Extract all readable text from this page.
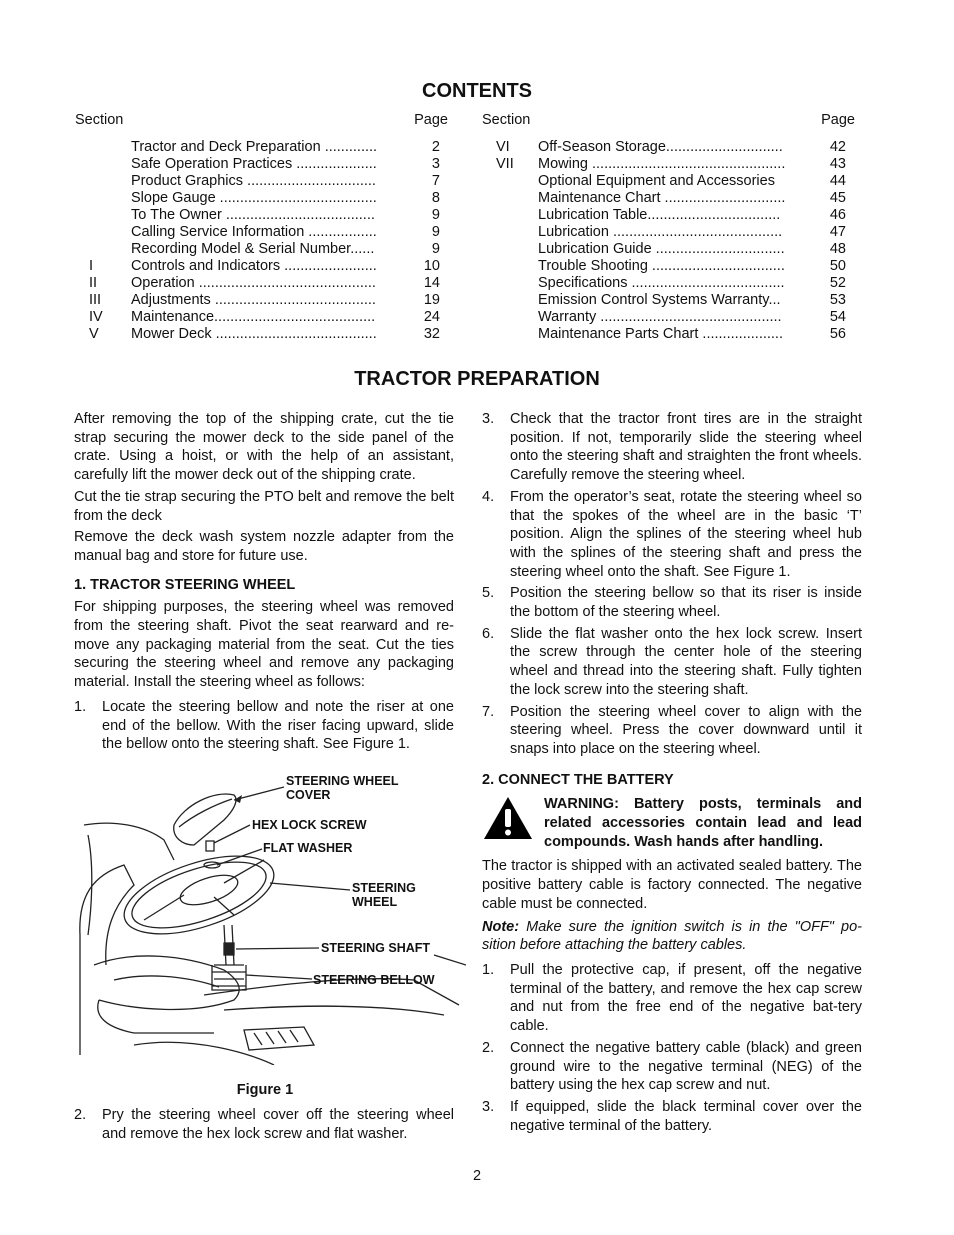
CONTENTS
Section	Page
Tractor and Deck Preparation .............	2
Safe Operation Practices ....................	3
Product Graphics ................................	7
Slope Gauge .......................................	8
To The Owner .....................................	9
Calling Service Information .................	9
Recording Model & Serial Number......	9
I	Controls and Indicators .......................	10
II	Operation ............................................	14
III	Adjustments ........................................	19
IV	Maintenance........................................	24
V	Mower Deck ........................................	32
Section	Page
VI	Off-Season Storage.............................	42
VII	Mowing ................................................	43
Optional Equipment and Accessories	44
Maintenance Chart ..............................	45
Lubrication Table.................................	46
Lubrication ..........................................	47
Lubrication Guide ................................	48
Trouble Shooting .................................	50
Specifications ......................................	52
Emission Control Systems Warranty...	53
Warranty .............................................	54
Maintenance Parts Chart ....................	56
TRACTOR PREPARATION

After removing the top of the shipping crate, cut the tie strap securing the mower deck to the side panel of the crate. Using a hoist, or with the help of an assistant, carefully lift the mower deck out of the shipping crate.

Cut the tie strap securing the PTO belt and remove the belt from the deck

Remove the deck wash system nozzle adapter from the manual bag and store for future use.

1. TRACTOR STEERING WHEEL

For shipping purposes, the steering wheel was removed from the steering shaft. Pivot the seat rearward and re-move any packaging material from the seat. Cut the ties securing the steering wheel and remove any packaging material. Install the steering wheel as follows:

1.	Locate the steering bellow and note the riser at one end of the bellow. With the riser facing upward, slide the bellow onto the steering shaft. See Figure 1.
STEERING WHEEL
COVER
HEX LOCK SCREW
FLAT WASHER
STEERING
WHEEL
STEERING SHAFT
STEERING BELLOW
Figure 1
2.	Pry the steering wheel cover off the steering wheel and remove the hex lock screw and flat washer.
3.	Check that the tractor front tires are in the straight position. If not, temporarily slide the steering wheel onto the steering shaft and straighten the front wheels. Carefully remove the steering wheel.
4.	From the operator’s seat, rotate the steering wheel so that the spokes of the wheel are in the basic ‘T’ position. Align the splines of the steering wheel hub with the splines of the steering shaft and press the steering wheel onto the shaft. See Figure 1.
5.	Position the steering bellow so that its riser is inside the bottom of the steering wheel.
6.	Slide the flat washer onto the hex lock screw. Insert the screw through the center hole of the steering wheel and thread into the steering shaft. Fully tighten the lock screw into the steering shaft.
7.	Position the steering wheel cover to align with the steering wheel. Press the cover downward until it snaps into place on the steering wheel.
2. CONNECT THE BATTERY
WARNING: Battery posts, terminals and related accessories contain lead and lead compounds. Wash hands after handling.

The tractor is shipped with an activated sealed battery. The positive battery cable is factory connected. The negative cable must be connected.

Note: Make sure the ignition switch is in the "OFF" po-sition before attaching the battery cables.

1.	Pull the protective cap, if present, off the negative terminal of the battery, and remove the hex cap screw and nut from the free end of the negative bat-tery cable.
2.	Connect the negative battery cable (black) and green ground wire to the negative terminal (NEG) of the battery using the hex cap screw and nut.
3.	If equipped, slide the black terminal cover over the negative terminal of the battery.
2
